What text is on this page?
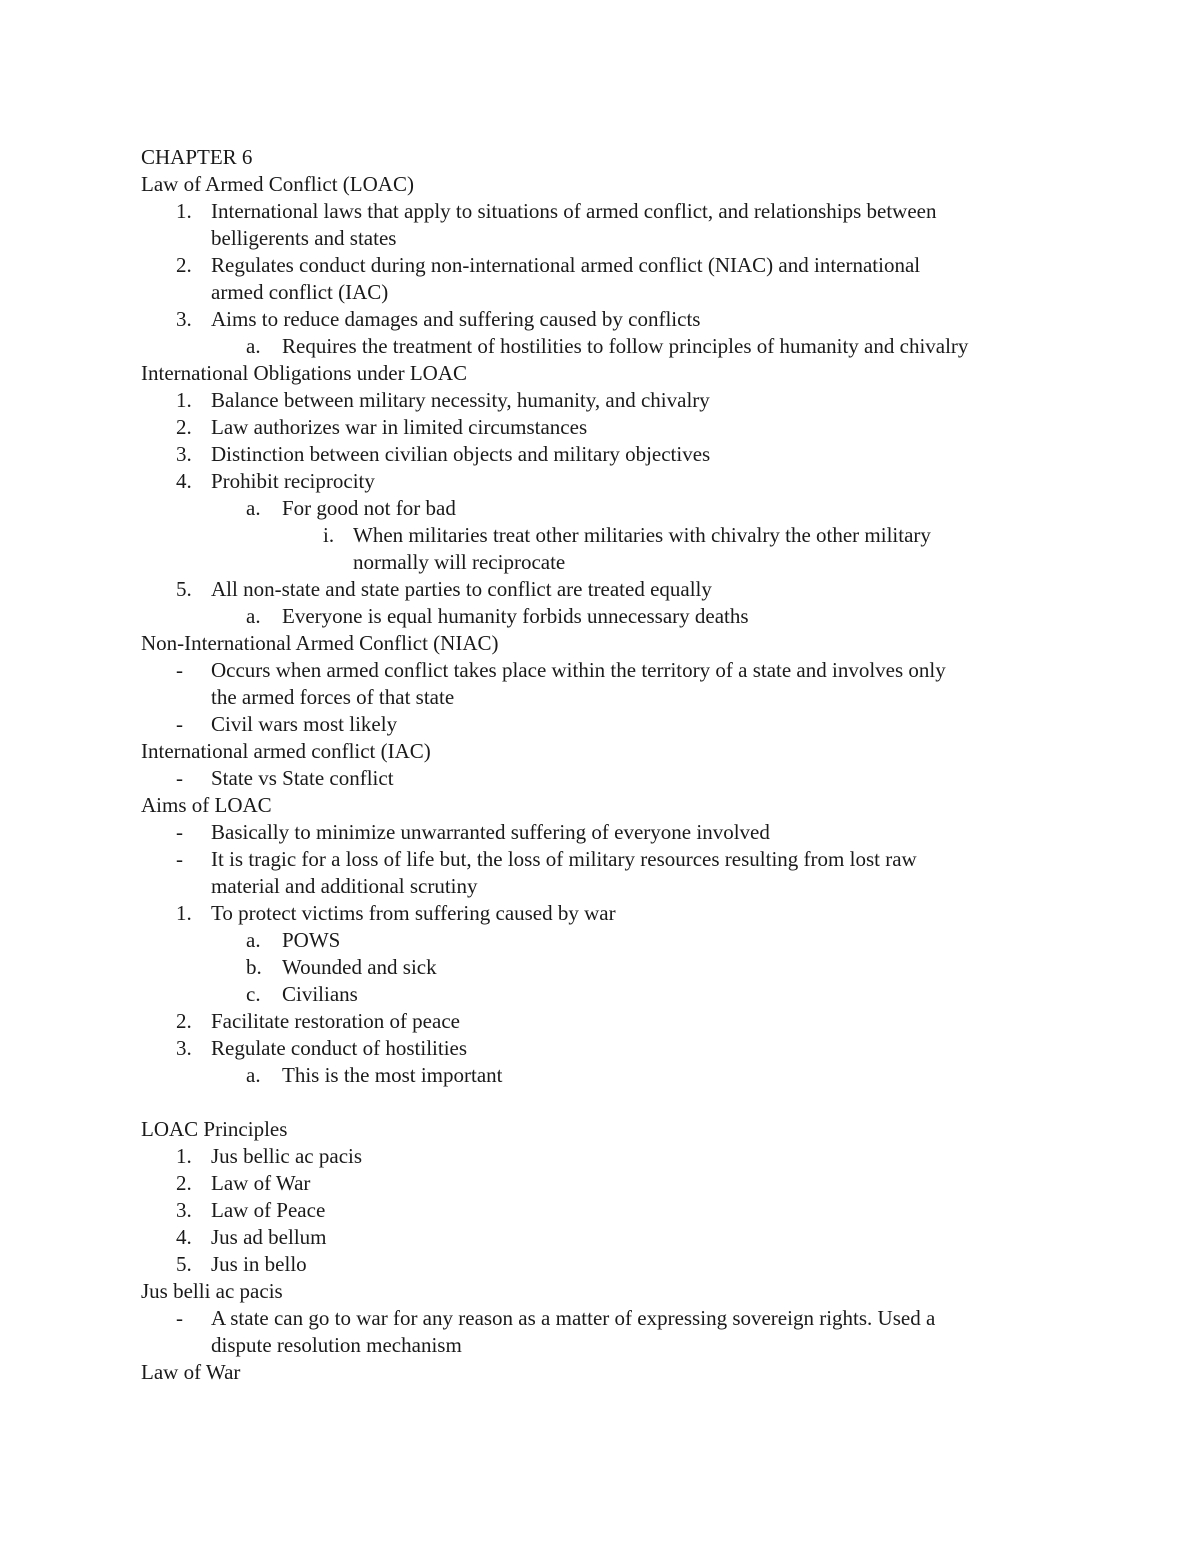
CHAPTER 6
Law of Armed Conflict (LOAC)
1. International laws that apply to situations of armed conflict, and relationships between
belligerents and states
2. Regulates conduct during non-international armed conflict (NIAC) and international
armed conflict (IAC)
3. Aims to reduce damages and suffering caused by conflicts
a. Requires the treatment of hostilities to follow principles of humanity and chivalry
International Obligations under LOAC
1. Balance between military necessity, humanity, and chivalry
2. Law authorizes war in limited circumstances
3. Distinction between civilian objects and military objectives
4. Prohibit reciprocity
a. For good not for bad
i. When militaries treat other militaries with chivalry the other military
normally will reciprocate
5. All non-state and state parties to conflict are treated equally
a. Everyone is equal humanity forbids unnecessary deaths
Non-International Armed Conflict (NIAC)
- Occurs when armed conflict takes place within the territory of a state and involves only
the armed forces of that state
- Civil wars most likely
International armed conflict (IAC)
- State vs State conflict
Aims of LOAC
- Basically to minimize unwarranted suffering of everyone involved
- It is tragic for a loss of life but, the loss of military resources resulting from lost raw
material and additional scrutiny
1. To protect victims from suffering caused by war
a. POWS
b. Wounded and sick
c. Civilians
2. Facilitate restoration of peace
3. Regulate conduct of hostilities
a. This is the most important
LOAC Principles
1. Jus bellic ac pacis
2. Law of War
3. Law of Peace
4. Jus ad bellum
5. Jus in bello
Jus belli ac pacis
- A state can go to war for any reason as a matter of expressing sovereign rights. Used a
dispute resolution mechanism
Law of War
